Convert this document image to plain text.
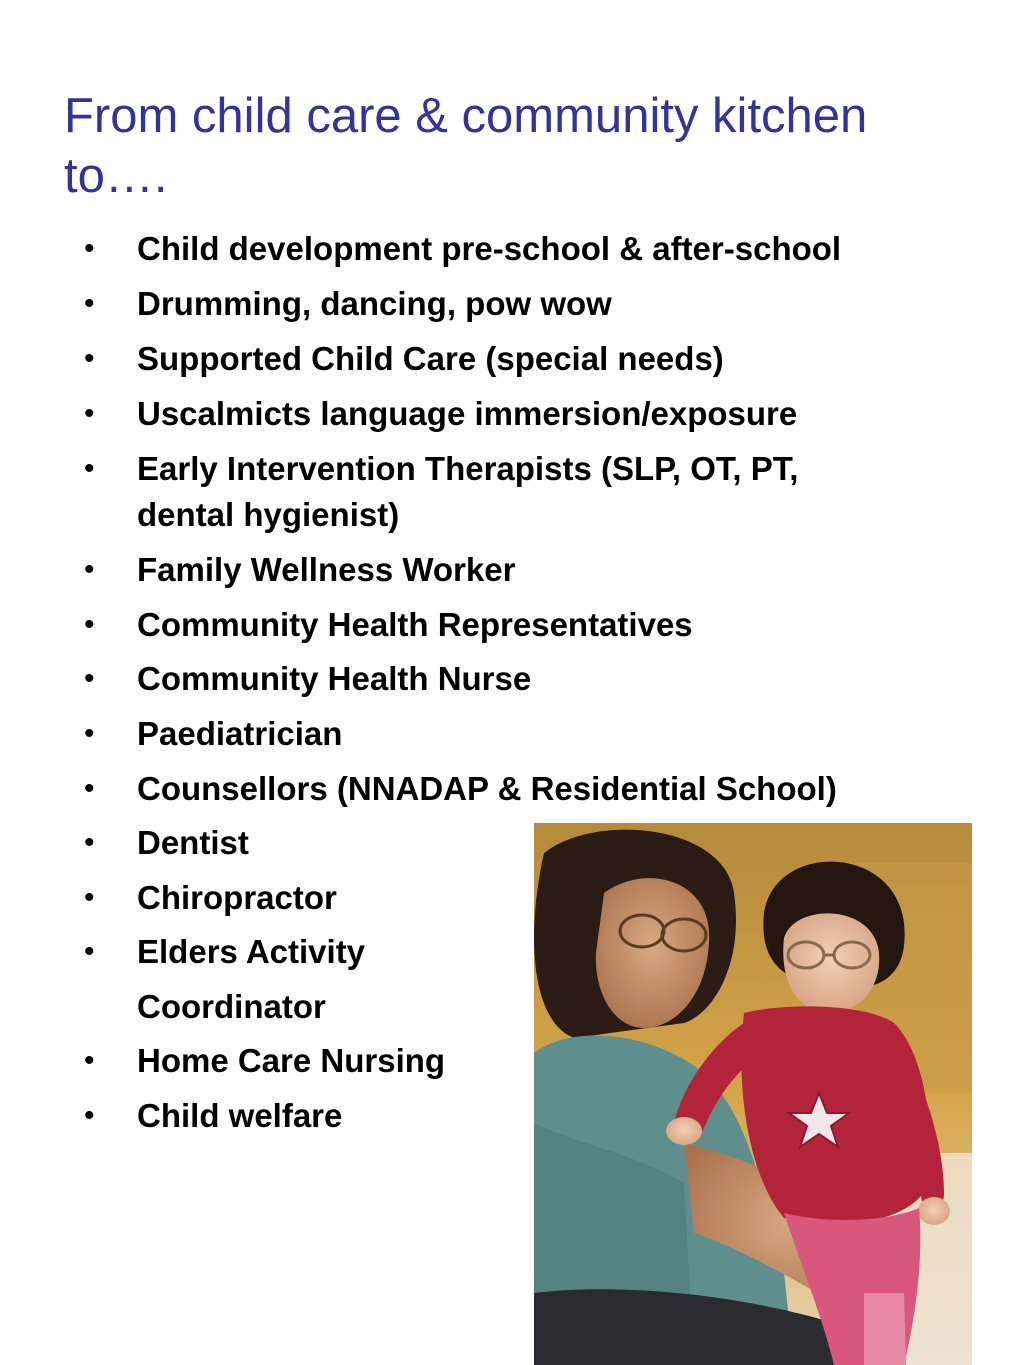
From child care & community kitchen
to….
• Child development pre-school & after-school
• Drumming, dancing, pow wow
• Supported Child Care (special needs)
• Uscalmicts language immersion/exposure
• Early Intervention Therapists (SLP, OT, PT,
dental hygienist)
• Family Wellness Worker
• Community Health Representatives
• Community Health Nurse
• Paediatrician
• Counsellors (NNADAP & Residential School)
• Dentist
• Chiropractor
• Elders Activity
Coordinator
• Home Care Nursing
• Child welfare
